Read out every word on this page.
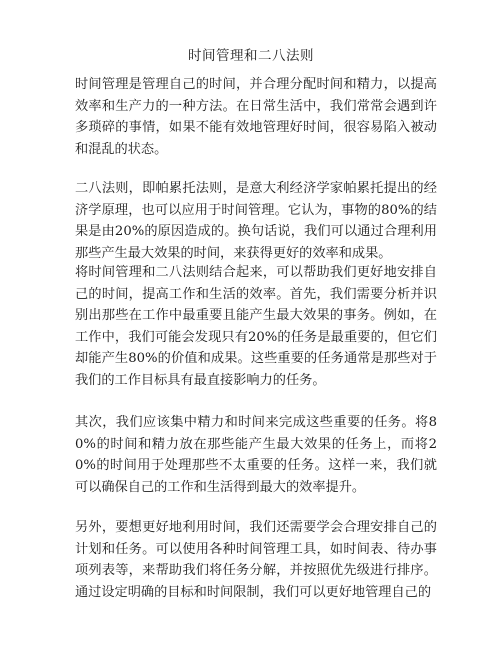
时间管理和二八法则
时间管理是管理自己的时间，并合理分配时间和精力，以提高效率和生产力的一种方法。在日常生活中，我们常常会遇到许多琐碎的事情，如果不能有效地管理好时间，很容易陷入被动和混乱的状态。
二八法则，即帕累托法则，是意大利经济学家帕累托提出的经济学原理，也可以应用于时间管理。它认为，事物的80%的结果是由20%的原因造成的。换句话说，我们可以通过合理利用那些产生最大效果的时间，来获得更好的效率和成果。
将时间管理和二八法则结合起来，可以帮助我们更好地安排自己的时间，提高工作和生活的效率。首先，我们需要分析并识别出那些在工作中最重要且能产生最大效果的事务。例如，在工作中，我们可能会发现只有20%的任务是最重要的，但它们却能产生80%的价值和成果。这些重要的任务通常是那些对于我们的工作目标具有最直接影响力的任务。
其次，我们应该集中精力和时间来完成这些重要的任务。将80%的时间和精力放在那些能产生最大效果的任务上，而将20%的时间用于处理那些不太重要的任务。这样一来，我们就可以确保自己的工作和生活得到最大的效率提升。
另外，要想更好地利用时间，我们还需要学会合理安排自己的计划和任务。可以使用各种时间管理工具，如时间表、待办事项列表等，来帮助我们将任务分解，并按照优先级进行排序。通过设定明确的目标和时间限制，我们可以更好地管理自己的
